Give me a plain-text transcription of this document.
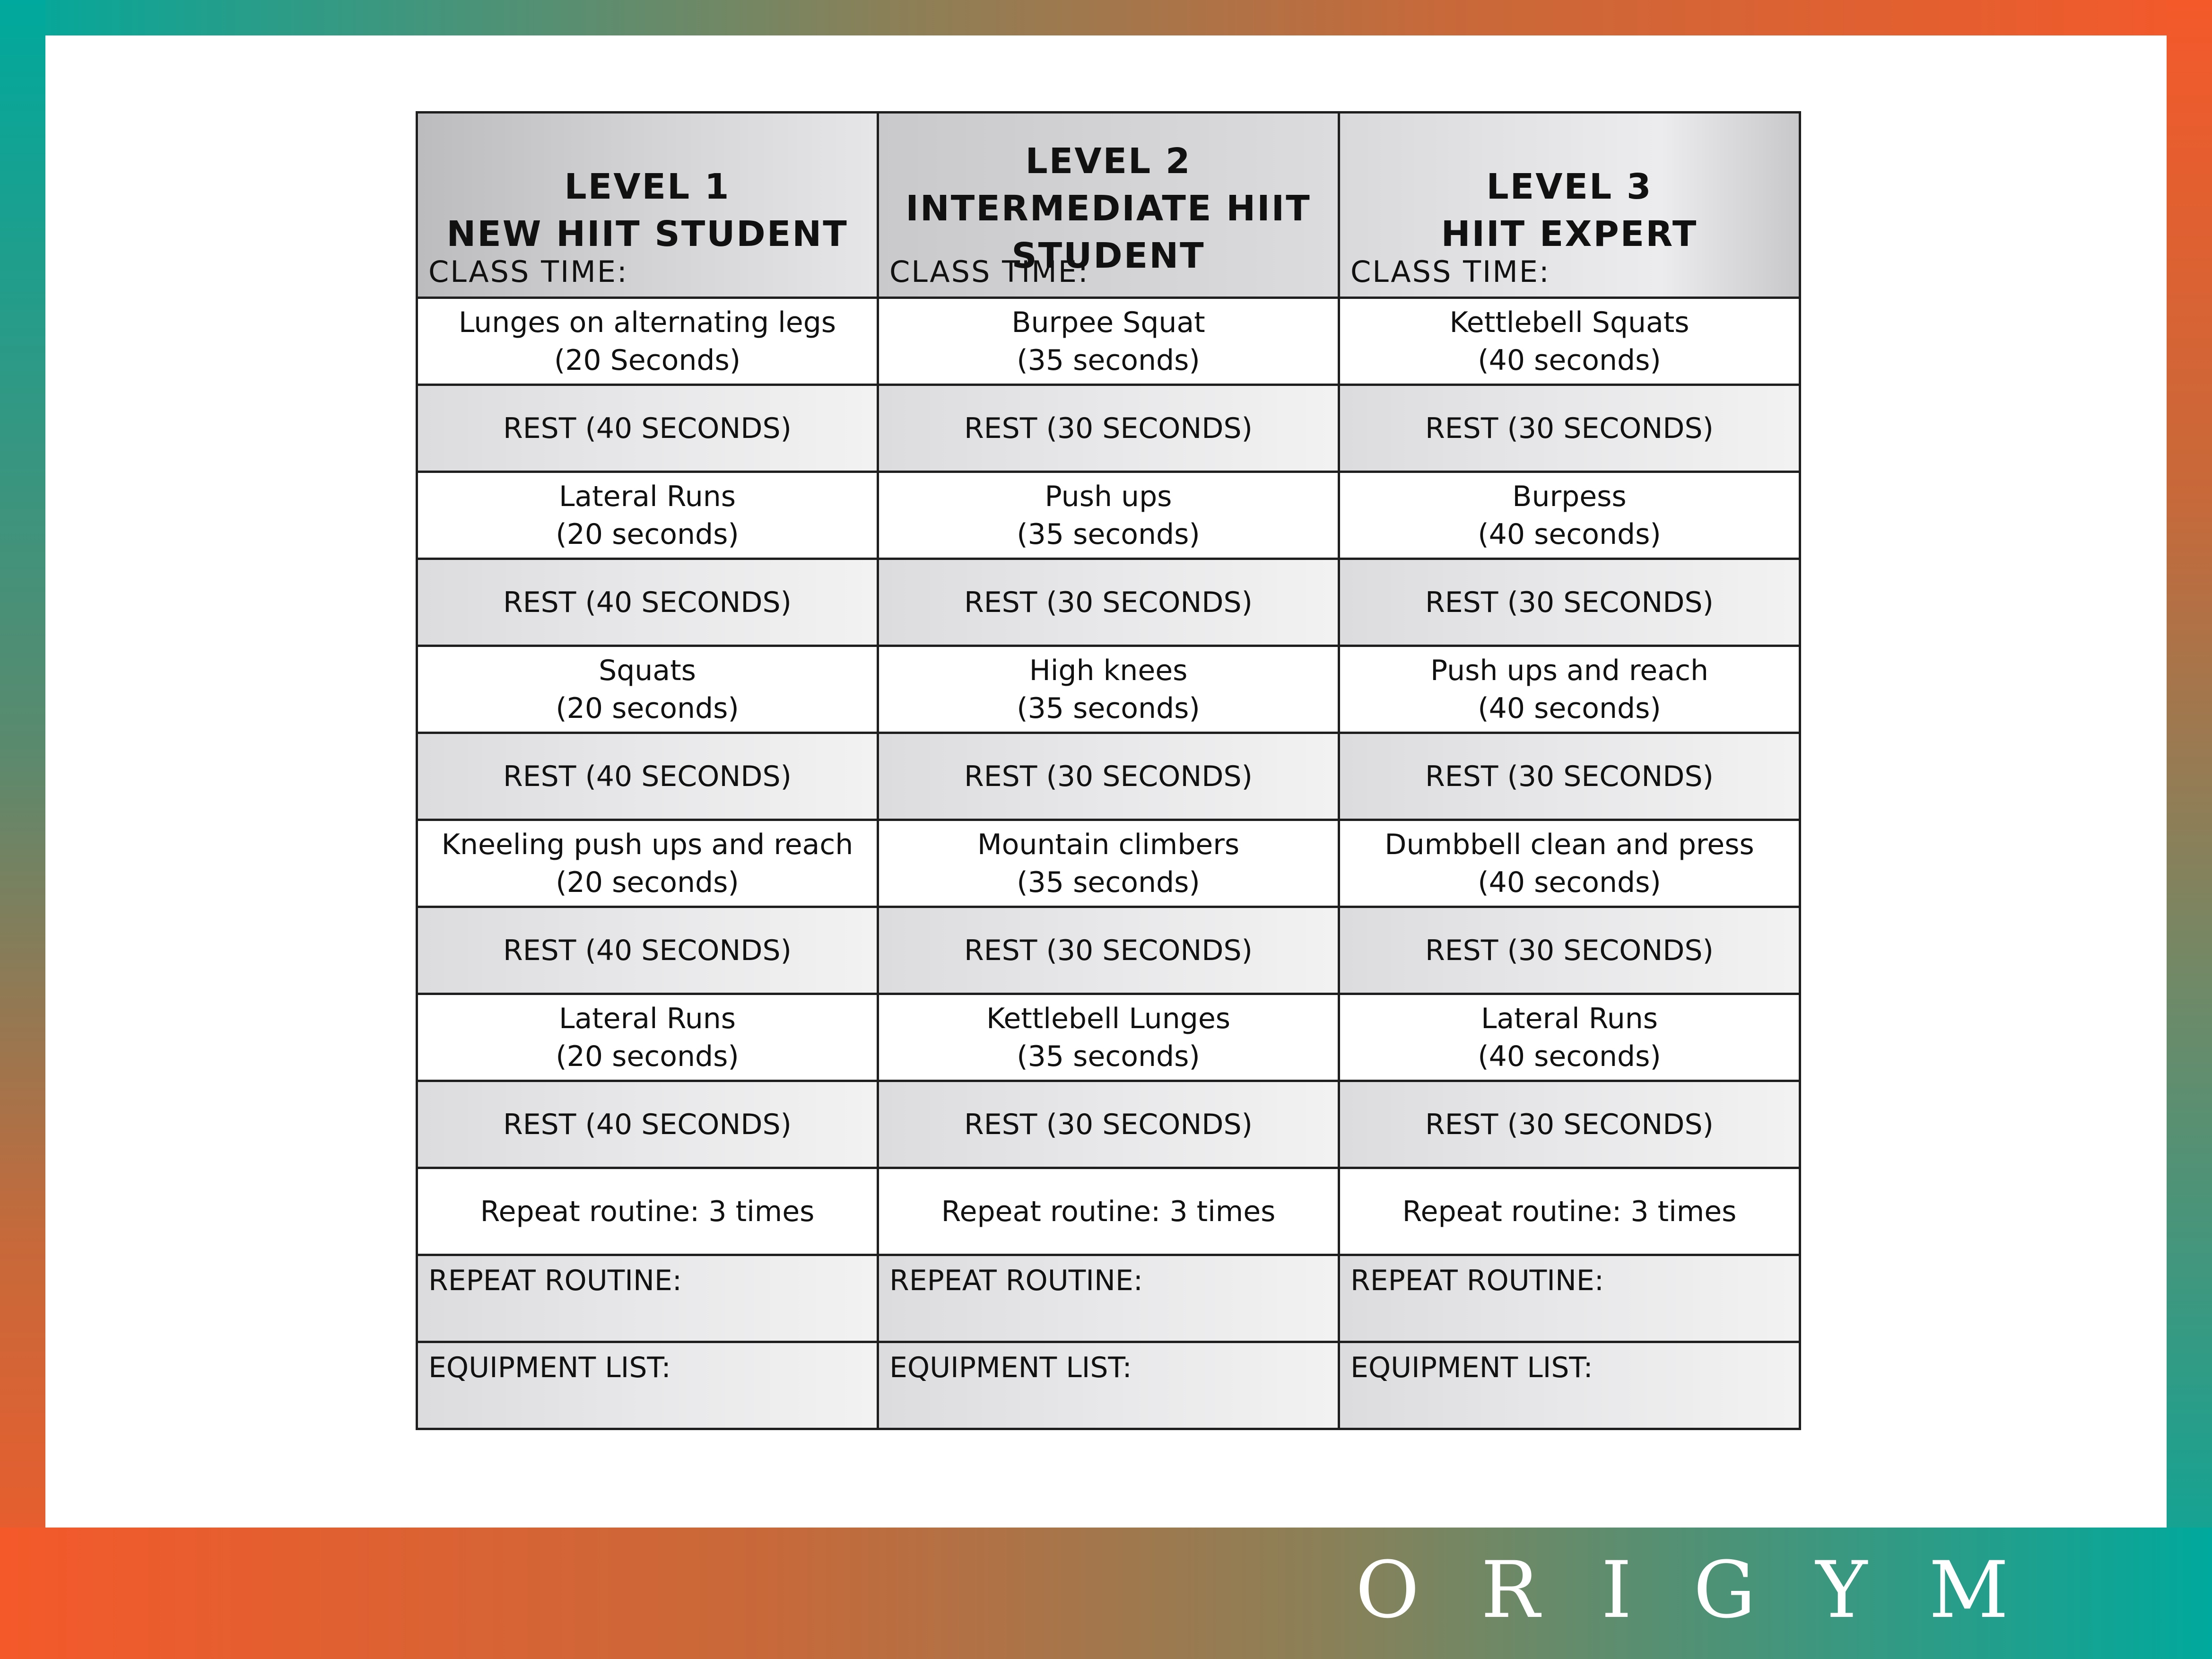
LEVEL 1
NEW HIIT STUDENT
CLASS TIME:	LEVEL 2
INTERMEDIATE HIIT
STUDENT
CLASS TIME:	LEVEL 3
HIIT EXPERT
CLASS TIME:

Lunges on alternating legs
(20 Seconds)	Burpee Squat
(35 seconds)	Kettlebell Squats
(40 seconds)

REST (40 SECONDS)	REST (30 SECONDS)	REST (30 SECONDS)

Lateral Runs
(20 seconds)	Push ups
(35 seconds)	Burpess
(40 seconds)

REST (40 SECONDS)	REST (30 SECONDS)	REST (30 SECONDS)

Squats
(20 seconds)	High knees
(35 seconds)	Push ups and reach
(40 seconds)

REST (40 SECONDS)	REST (30 SECONDS)	REST (30 SECONDS)

Kneeling push ups and reach
(20 seconds)	Mountain climbers
(35 seconds)	Dumbbell clean and press
(40 seconds)

REST (40 SECONDS)	REST (30 SECONDS)	REST (30 SECONDS)

Lateral Runs
(20 seconds)	Kettlebell Lunges
(35 seconds)	Lateral Runs
(40 seconds)

REST (40 SECONDS)	REST (30 SECONDS)	REST (30 SECONDS)
Repeat routine: 3 times	Repeat routine: 3 times	Repeat routine: 3 times

REPEAT ROUTINE:	REPEAT ROUTINE:	REPEAT ROUTINE:

EQUIPMENT LIST:	EQUIPMENT LIST:	EQUIPMENT LIST:
ORIGYM
